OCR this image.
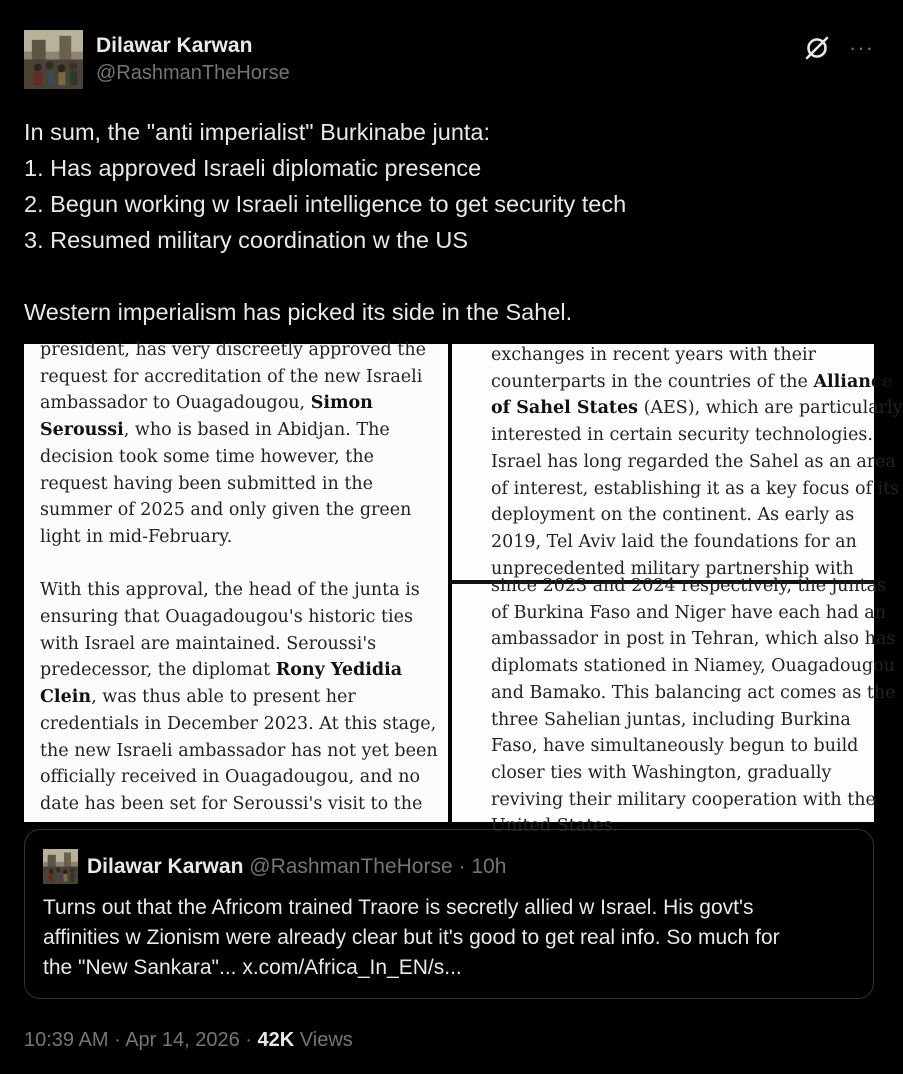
Dilawar Karwan
@RashmanTheHorse
···

In sum, the "anti imperialist" Burkinabe junta:

1. Has approved Israeli diplomatic presence

2. Begun working w Israeli intelligence to get security tech

3. Resumed military coordination w the US

Western imperialism has picked its side in the Sahel.

president, has very discreetly approved the
request for accreditation of the new Israeli
ambassador to Ouagadougou, Simon
Seroussi, who is based in Abidjan. The
decision took some time however, the
request having been submitted in the
summer of 2025 and only given the green
light in mid-February.
With this approval, the head of the junta is
ensuring that Ouagadougou's historic ties
with Israel are maintained. Seroussi's
predecessor, the diplomat Rony Yedidia
Clein, was thus able to present her
credentials in December 2023. At this stage,
the new Israeli ambassador has not yet been
officially received in Ouagadougou, and no
date has been set for Seroussi's visit to the
exchanges in recent years with their
counterparts in the countries of the Alliance
of Sahel States (AES), which are particularly
interested in certain security technologies.
Israel has long regarded the Sahel as an area
of interest, establishing it as a key focus of its
deployment on the continent. As early as
2019, Tel Aviv laid the foundations for an
unprecedented military partnership with
since 2023 and 2024 respectively, the juntas
of Burkina Faso and Niger have each had an
ambassador in post in Tehran, which also has
diplomats stationed in Niamey, Ouagadougou
and Bamako. This balancing act comes as the
three Sahelian juntas, including Burkina
Faso, have simultaneously begun to build
closer ties with Washington, gradually
reviving their military cooperation with the
United States.
Dilawar Karwan @RashmanTheHorse · 10h

Turns out that the Africom trained Traore is secretly allied w Israel. His govt's

affinities w Zionism were already clear but it's good to get real info. So much for

the "New Sankara"... x.com/Africa_In_EN/s...

10:39 AM · Apr 14, 2026 · 42K Views
